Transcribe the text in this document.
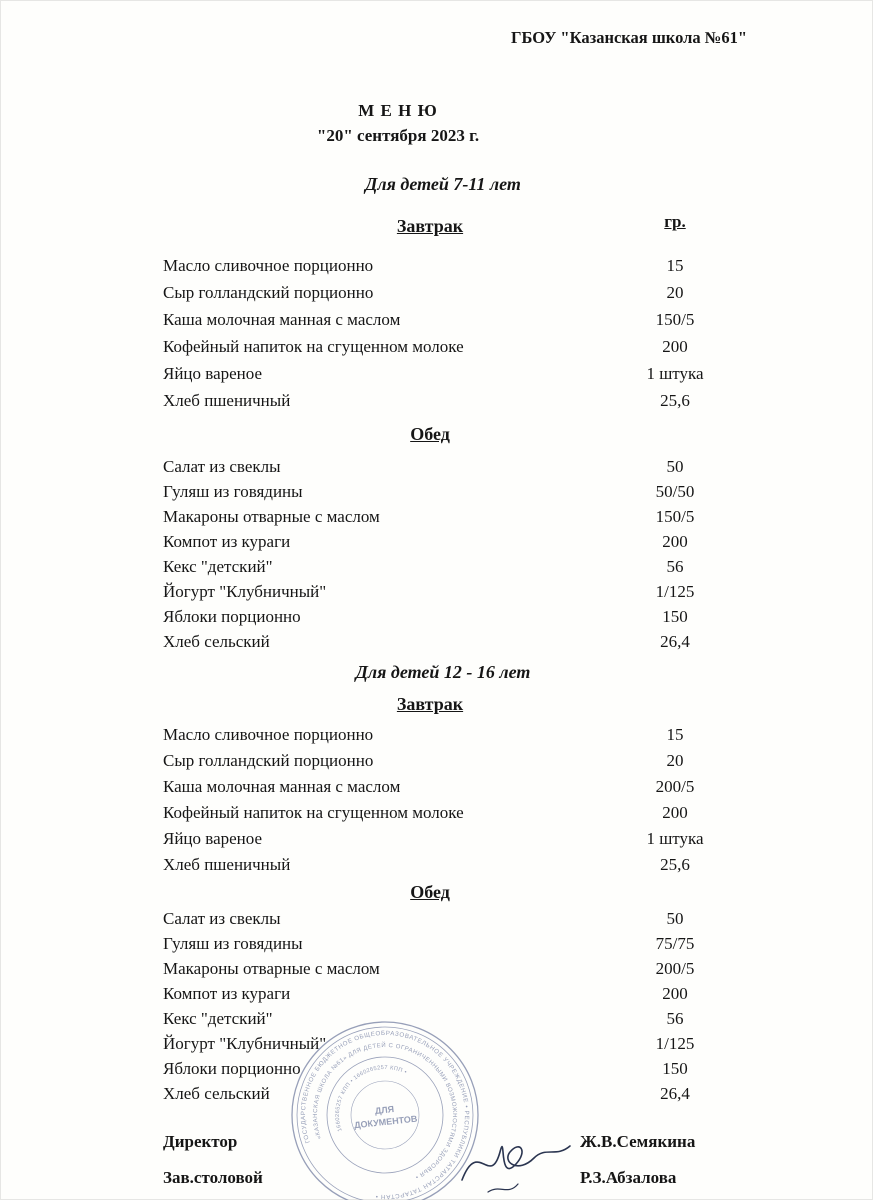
ГБОУ "Казанская школа №61"
М Е Н Ю
"20" сентября 2023 г.
Для детей 7-11 лет
Завтрак	гр.
Масло сливочное порционно	15
Сыр голландский порционно	20
Каша молочная манная с маслом	150/5
Кофейный напиток на сгущенном молоке	200
Яйцо вареное	1 штука
Хлеб пшеничный	25,6
Обед
Салат из свеклы	50
Гуляш из говядины	50/50
Макароны отварные с маслом	150/5
Компот из кураги	200
Кекс "детский"	56
Йогурт "Клубничный"	1/125
Яблоки порционно	150
Хлеб сельский	26,4
Для детей 12 - 16 лет
Завтрак
Масло сливочное порционно	15
Сыр голландский порционно	20
Каша молочная манная с маслом	200/5
Кофейный напиток на сгущенном молоке	200
Яйцо вареное	1 штука
Хлеб пшеничный	25,6
Обед
Салат из свеклы	50
Гуляш из говядины	75/75
Макароны отварные с маслом	200/5
Компот из кураги	200
Кекс "детский"	56
Йогурт "Клубничный"	1/125
Яблоки порционно	150
Хлеб сельский	26,4
Директор	Ж.В.Семякина
Зав.столовой	Р.З.Абзалова
ГОСУДАРСТВЕННОЕ БЮДЖЕТНОЕ ОБЩЕОБРАЗОВАТЕЛЬНОЕ УЧРЕЖДЕНИЕ • РЕСПУБЛИКИ ТАТАРСТАН ТАТАРСТАН •
«КАЗАНСКАЯ ШКОЛА №61» ДЛЯ ДЕТЕЙ С ОГРАНИЧЕННЫМИ ВОЗМОЖНОСТЯМИ ЗДОРОВЬЯ •
1660265257 КПП • 1660265257 КПП •
ДЛЯ
ДОКУМЕНТОВ
